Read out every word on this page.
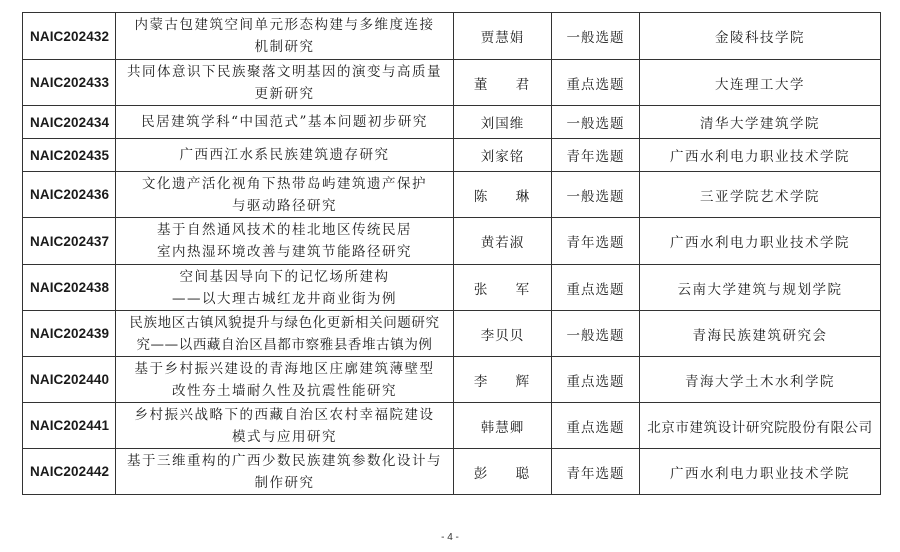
NAIC202432	内蒙古包建筑空间单元形态构建与多维度连接
机制研究	贾慧娟	一般选题	金陵科技学院
NAIC202433	共同体意识下民族聚落文明基因的演变与高质量
更新研究	董 君	重点选题	大连理工大学
NAIC202434	民居建筑学科“中国范式”基本问题初步研究	刘国维	一般选题	清华大学建筑学院
NAIC202435	广西西江水系民族建筑遗存研究	刘家铭	青年选题	广西水利电力职业技术学院
NAIC202436	文化遗产活化视角下热带岛屿建筑遗产保护
与驱动路径研究	陈 琳	一般选题	三亚学院艺术学院
NAIC202437	基于自然通风技术的桂北地区传统民居
室内热湿环境改善与建筑节能路径研究	黄若淑	青年选题	广西水利电力职业技术学院
NAIC202438	空间基因导向下的记忆场所建构
——以大理古城红龙井商业街为例	张 军	重点选题	云南大学建筑与规划学院
NAIC202439	民族地区古镇风貌提升与绿色化更新相关问题研究
究——以西藏自治区昌都市察雅县香堆古镇为例	李贝贝	一般选题	青海民族建筑研究会
NAIC202440	基于乡村振兴建设的青海地区庄廓建筑薄壁型
改性夯土墙耐久性及抗震性能研究	李 辉	重点选题	青海大学土木水利学院
NAIC202441	乡村振兴战略下的西藏自治区农村幸福院建设
模式与应用研究	韩慧卿	重点选题	北京市建筑设计研究院股份有限公司
NAIC202442	基于三维重构的广西少数民族建筑参数化设计与
制作研究	彭 聪	青年选题	广西水利电力职业技术学院
- 4 -
